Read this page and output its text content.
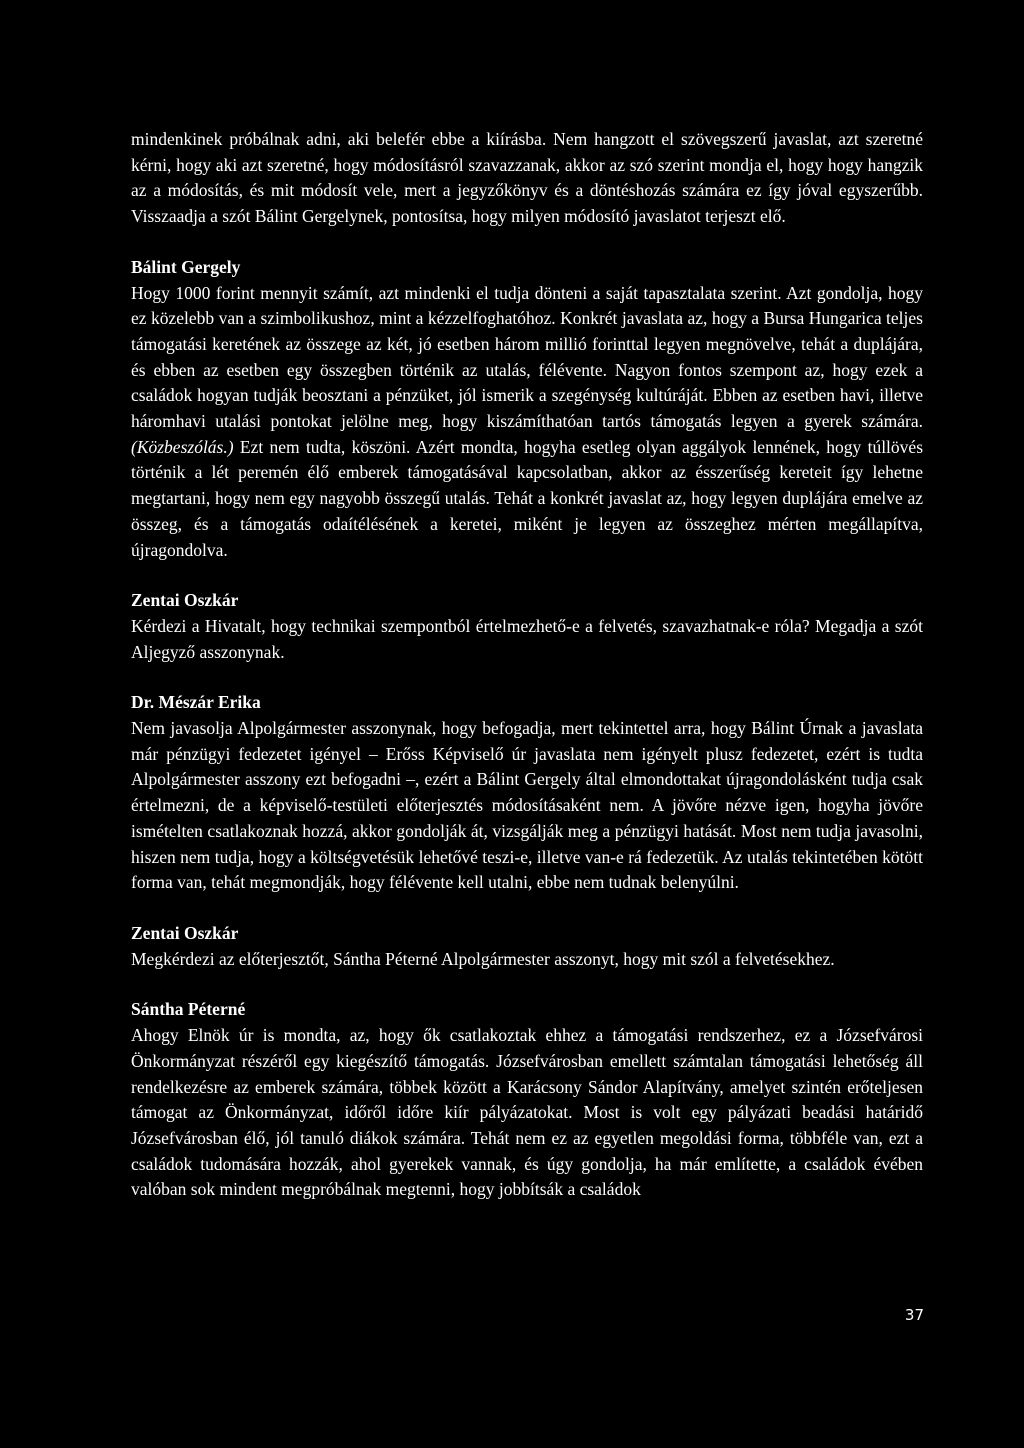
mindenkinek próbálnak adni, aki belefér ebbe a kiírásba. Nem hangzott el szövegszerű javaslat, azt szeretné kérni, hogy aki azt szeretné, hogy módosításról szavazzanak, akkor az szó szerint mondja el, hogy hogy hangzik az a módosítás, és mit módosít vele, mert a jegyzőkönyv és a döntéshozás számára ez így jóval egyszerűbb. Visszaadja a szót Bálint Gergelynek, pontosítsa, hogy milyen módosító javaslatot terjeszt elő.

Bálint Gergely

Hogy 1000 forint mennyit számít, azt mindenki el tudja dönteni a saját tapasztalata szerint. Azt gondolja, hogy ez közelebb van a szimbolikushoz, mint a kézzelfoghatóhoz. Konkrét javaslata az, hogy a Bursa Hungarica teljes támogatási keretének az összege az két, jó esetben három millió forinttal legyen megnövelve, tehát a duplájára, és ebben az esetben egy összegben történik az utalás, félévente. Nagyon fontos szempont az, hogy ezek a családok hogyan tudják beosztani a pénzüket, jól ismerik a szegénység kultúráját. Ebben az esetben havi, illetve háromhavi utalási pontokat jelölne meg, hogy kiszámíthatóan tartós támogatás legyen a gyerek számára. (Közbeszólás.) Ezt nem tudta, köszöni. Azért mondta, hogyha esetleg olyan aggályok lennének, hogy túllövés történik a lét peremén élő emberek támogatásával kapcsolatban, akkor az ésszerűség kereteit így lehetne megtartani, hogy nem egy nagyobb összegű utalás. Tehát a konkrét javaslat az, hogy legyen duplájára emelve az összeg, és a támogatás odaítélésének a keretei, miként je legyen az összeghez mérten megállapítva, újragondolva.

Zentai Oszkár

Kérdezi a Hivatalt, hogy technikai szempontból értelmezhető-e a felvetés, szavazhatnak-e róla? Megadja a szót Aljegyző asszonynak.

Dr. Mészár Erika

Nem javasolja Alpolgármester asszonynak, hogy befogadja, mert tekintettel arra, hogy Bálint Úrnak a javaslata már pénzügyi fedezetet igényel – Erőss Képviselő úr javaslata nem igényelt plusz fedezetet, ezért is tudta Alpolgármester asszony ezt befogadni –, ezért a Bálint Gergely által elmondottakat újragondolásként tudja csak értelmezni, de a képviselő-testületi előterjesztés módosításaként nem. A jövőre nézve igen, hogyha jövőre ismételten csatlakoznak hozzá, akkor gondolják át, vizsgálják meg a pénzügyi hatását. Most nem tudja javasolni, hiszen nem tudja, hogy a költségvetésük lehetővé teszi-e, illetve van-e rá fedezetük. Az utalás tekintetében kötött forma van, tehát megmondják, hogy félévente kell utalni, ebbe nem tudnak belenyúlni.

Zentai Oszkár

Megkérdezi az előterjesztőt, Sántha Péterné Alpolgármester asszonyt, hogy mit szól a felvetésekhez.

Sántha Péterné

Ahogy Elnök úr is mondta, az, hogy ők csatlakoztak ehhez a támogatási rendszerhez, ez a Józsefvárosi Önkormányzat részéről egy kiegészítő támogatás. Józsefvárosban emellett számtalan támogatási lehetőség áll rendelkezésre az emberek számára, többek között a Karácsony Sándor Alapítvány, amelyet szintén erőteljesen támogat az Önkormányzat, időről időre kiír pályázatokat. Most is volt egy pályázati beadási határidő Józsefvárosban élő, jól tanuló diákok számára. Tehát nem ez az egyetlen megoldási forma, többféle van, ezt a családok tudomására hozzák, ahol gyerekek vannak, és úgy gondolja, ha már említette, a családok évében valóban sok mindent megpróbálnak megtenni, hogy jobbítsák a családok

37
